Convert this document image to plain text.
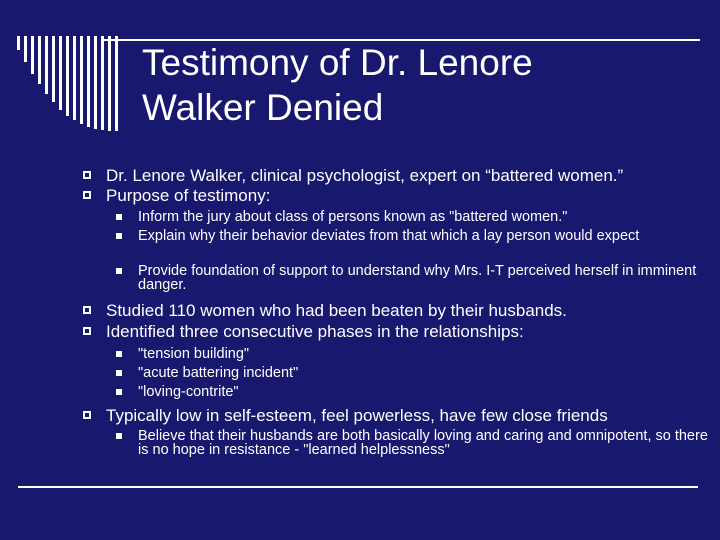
Testimony of Dr. Lenore
Walker Denied
Dr. Lenore Walker, clinical psychologist, expert on “battered women.”
Purpose of testimony:
Inform the jury about class of persons known as "battered women."
Explain why their behavior deviates from that which a lay person would expect
Provide foundation of support to understand why Mrs. I-T perceived herself in imminent danger.
Studied 110 women who had been beaten by their husbands.
Identified three consecutive phases in the relationships:
"tension building"
"acute battering incident"
"loving-contrite"
Typically low in self-esteem, feel powerless, have few close friends
Believe that their husbands are both basically loving and caring and omnipotent, so there is no hope in resistance - "learned helplessness"
